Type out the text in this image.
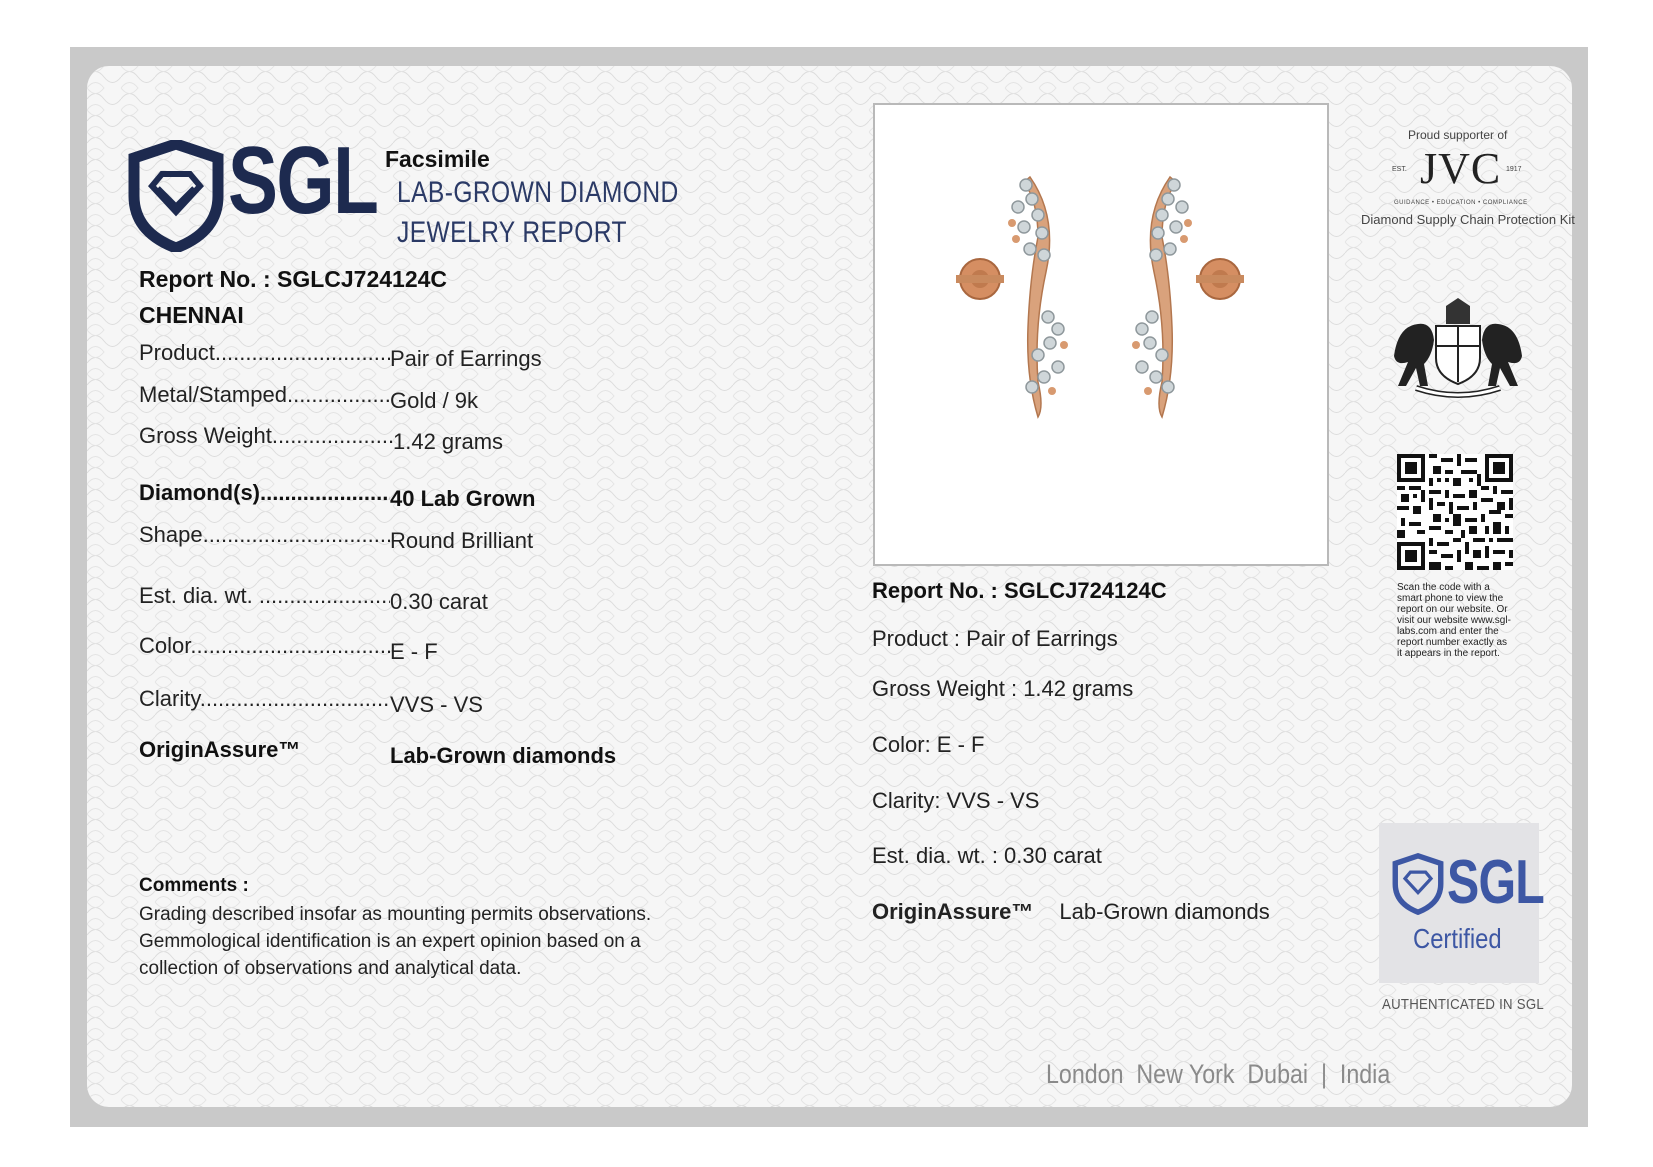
SGL Facsimile
LAB-GROWN DIAMOND
JEWELRY REPORT
Report No. : SGLCJ724124C
CHENNAI
Product .....	Pair of Earrings
Metal/Stamped .....	Gold / 9k
Gross Weight .....	1.42 grams
Diamond(s) .....	40 Lab Grown
Shape .....	Round Brilliant
Est. dia. wt. .....	0.30 carat
Color .....	E - F
Clarity .....	VVS - VS
OriginAssure™	Lab-Grown diamonds
Comments :
Grading described insofar as mounting permits observations. Gemmological identification is an expert opinion based on a collection of observations and analytical data.
Report No. : SGLCJ724124C
Product : Pair of Earrings
Gross Weight : 1.42 grams
Color: E - F
Clarity: VVS - VS
Est. dia. wt. : 0.30 carat
OriginAssure™ Lab-Grown diamonds
Proud supporter of
JVC
EST.	1917
GUIDANCE • EDUCATION • COMPLIANCE
Diamond Supply Chain Protection Kit
Scan the code with a smart phone to view the report on our website. Or visit our website www.sgl-labs.com and enter the report number exactly as it appears in the report.
SGL
Certified
AUTHENTICATED IN SGL
London  New York  Dubai  |  India
